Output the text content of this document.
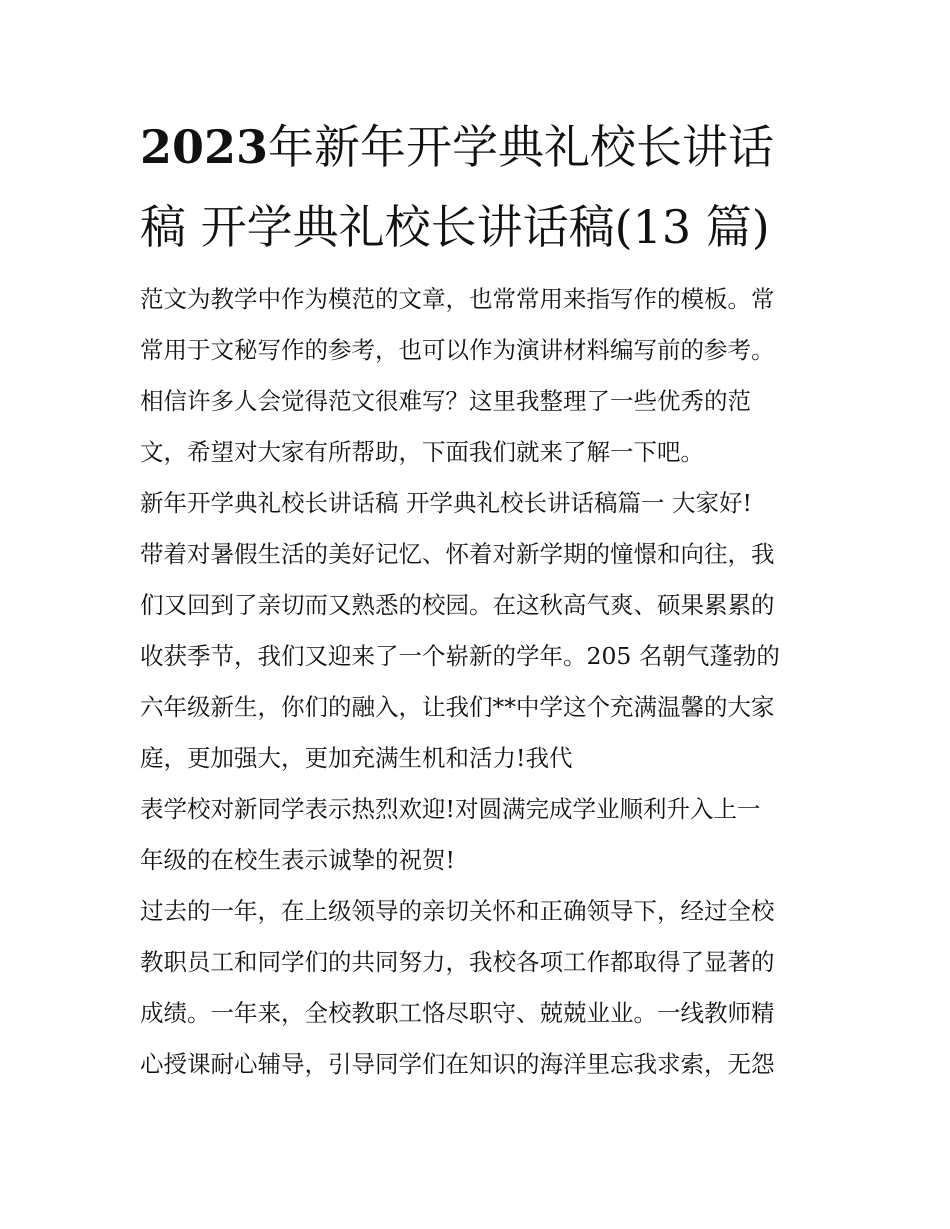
2023年新年开学典礼校长讲话
稿 开学典礼校长讲话稿(13 篇)

范文为教学中作为模范的文章，也常常用来指写作的模板。常

常用于文秘写作的参考，也可以作为演讲材料编写前的参考。

相信许多人会觉得范文很难写？这里我整理了一些优秀的范

文，希望对大家有所帮助，下面我们就来了解一下吧。

新年开学典礼校长讲话稿 开学典礼校长讲话稿篇一 大家好!

带着对暑假生活的美好记忆、怀着对新学期的憧憬和向往，我

们又回到了亲切而又熟悉的校园。在这秋高气爽、硕果累累的

收获季节，我们又迎来了一个崭新的学年。205 名朝气蓬勃的

六年级新生，你们的融入，让我们**中学这个充满温馨的大家

庭，更加强大，更加充满生机和活力!我代

表学校对新同学表示热烈欢迎!对圆满完成学业顺利升入上一

年级的在校生表示诚挚的祝贺!

过去的一年，在上级领导的亲切关怀和正确领导下，经过全校

教职员工和同学们的共同努力，我校各项工作都取得了显著的

成绩。一年来，全校教职工恪尽职守、兢兢业业。一线教师精

心授课耐心辅导，引导同学们在知识的海洋里忘我求索，无怨
